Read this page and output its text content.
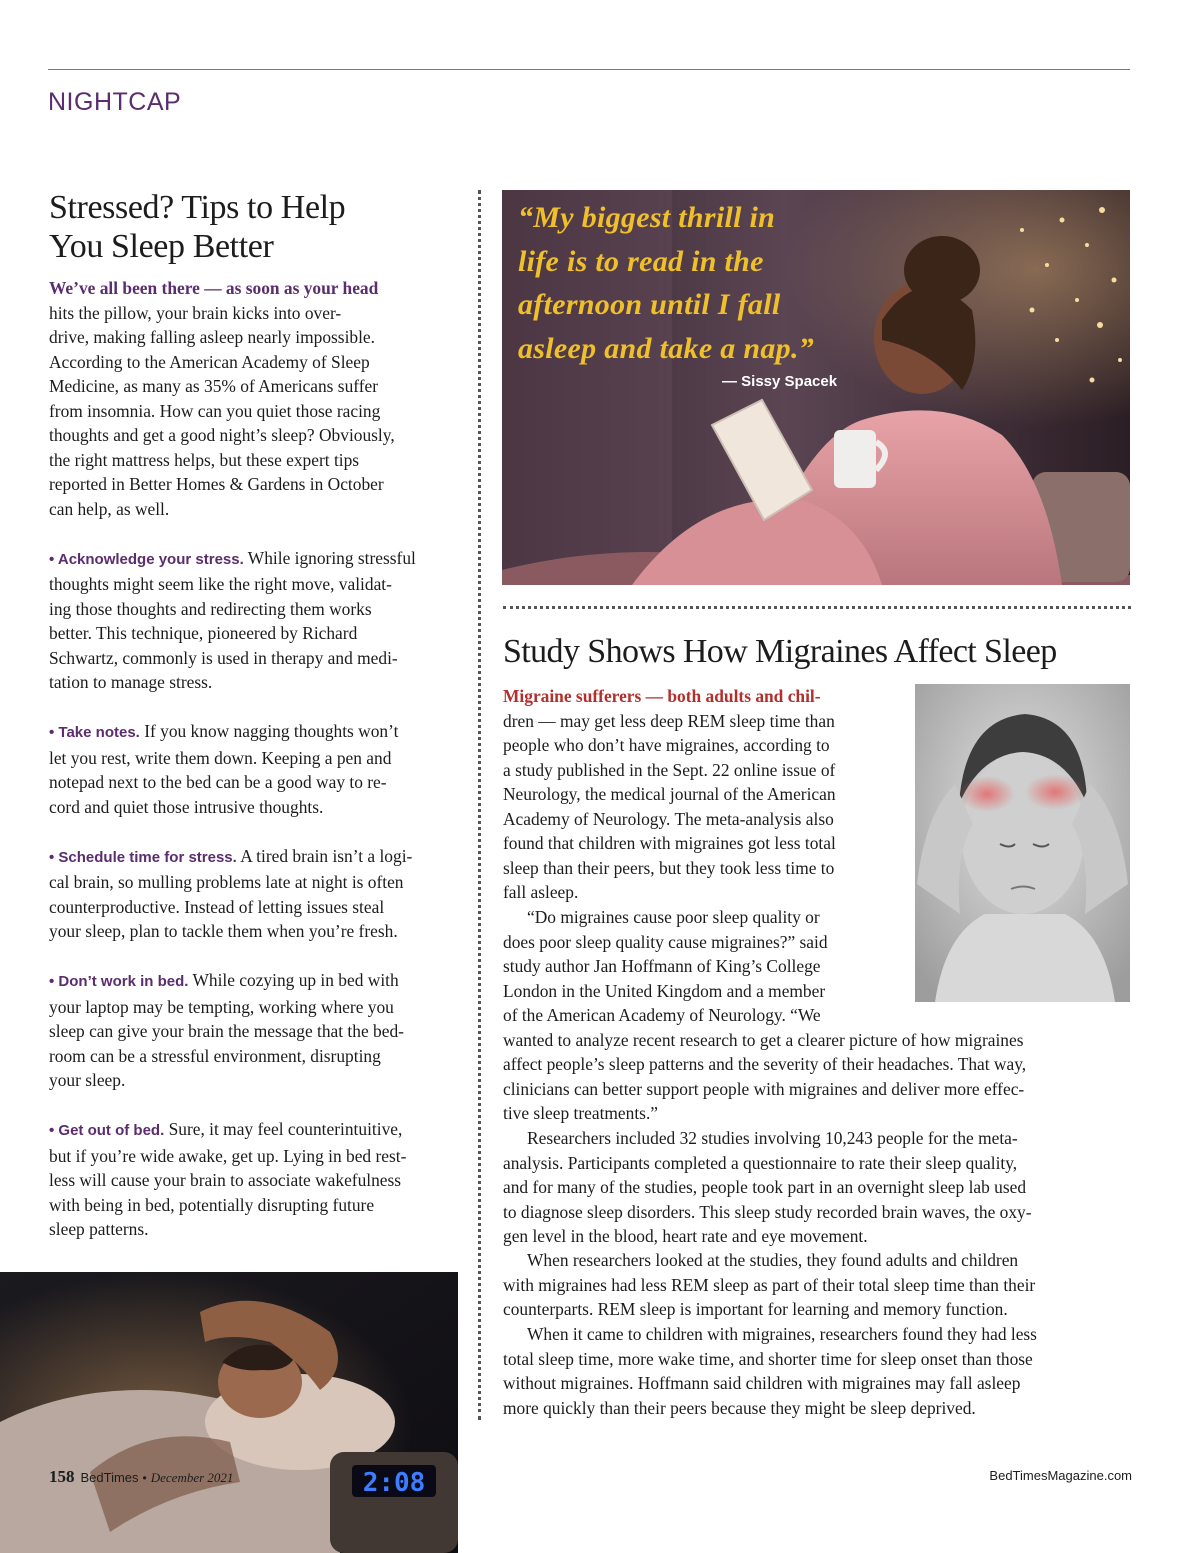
NIGHTCAP
Stressed? Tips to Help
You Sleep Better

We’ve all been there — as soon as your head
hits the pillow, your brain kicks into over-
drive, making falling asleep nearly impossible.
According to the American Academy of Sleep
Medicine, as many as 35% of Americans suffer
from insomnia. How can you quiet those racing
thoughts and get a good night’s sleep? Obviously,
the right mattress helps, but these expert tips
reported in Better Homes & Gardens in October
can help, as well.

• Acknowledge your stress. While ignoring stressful
thoughts might seem like the right move, validat-
ing those thoughts and redirecting them works
better. This technique, pioneered by Richard
Schwartz, commonly is used in therapy and medi-
tation to manage stress.

• Take notes. If you know nagging thoughts won’t
let you rest, write them down. Keeping a pen and
notepad next to the bed can be a good way to re-
cord and quiet those intrusive thoughts.

• Schedule time for stress. A tired brain isn’t a logi-
cal brain, so mulling problems late at night is often
counterproductive. Instead of letting issues steal
your sleep, plan to tackle them when you’re fresh.

• Don’t work in bed. While cozying up in bed with
your laptop may be tempting, working where you
sleep can give your brain the message that the bed-
room can be a stressful environment, disrupting
your sleep.

• Get out of bed. Sure, it may feel counterintuitive,
but if you’re wide awake, get up. Lying in bed rest-
less will cause your brain to associate wakefulness
with being in bed, potentially disrupting future
sleep patterns.

“My biggest thrill in
life is to read in the
afternoon until I fall
asleep and take a nap.”

— Sissy Spacek
Study Shows How Migraines Affect Sleep

Migraine sufferers — both adults and chil-
dren — may get less deep REM sleep time than
people who don’t have migraines, according to
a study published in the Sept. 22 online issue of
Neurology, the medical journal of the American
Academy of Neurology. The meta-analysis also
found that children with migraines got less total
sleep than their peers, but they took less time to
fall asleep.

“Do migraines cause poor sleep quality or
does poor sleep quality cause migraines?” said
study author Jan Hoffmann of King’s College
London in the United Kingdom and a member
of the American Academy of Neurology. “We
wanted to analyze recent research to get a clearer picture of how migraines
affect people’s sleep patterns and the severity of their headaches. That way,
clinicians can better support people with migraines and deliver more effec-
tive sleep treatments.”

Researchers included 32 studies involving 10,243 people for the meta-
analysis. Participants completed a questionnaire to rate their sleep quality,
and for many of the studies, people took part in an overnight sleep lab used
to diagnose sleep disorders. This sleep study recorded brain waves, the oxy-
gen level in the blood, heart rate and eye movement.

When researchers looked at the studies, they found adults and children
with migraines had less REM sleep as part of their total sleep time than their
counterparts. REM sleep is important for learning and memory function.

When it came to children with migraines, researchers found they had less
total sleep time, more wake time, and shorter time for sleep onset than those
without migraines. Hoffmann said children with migraines may fall asleep
more quickly than their peers because they might be sleep deprived.

2:08
158 BedTimes • December 2021	BedTimesMagazine.com
